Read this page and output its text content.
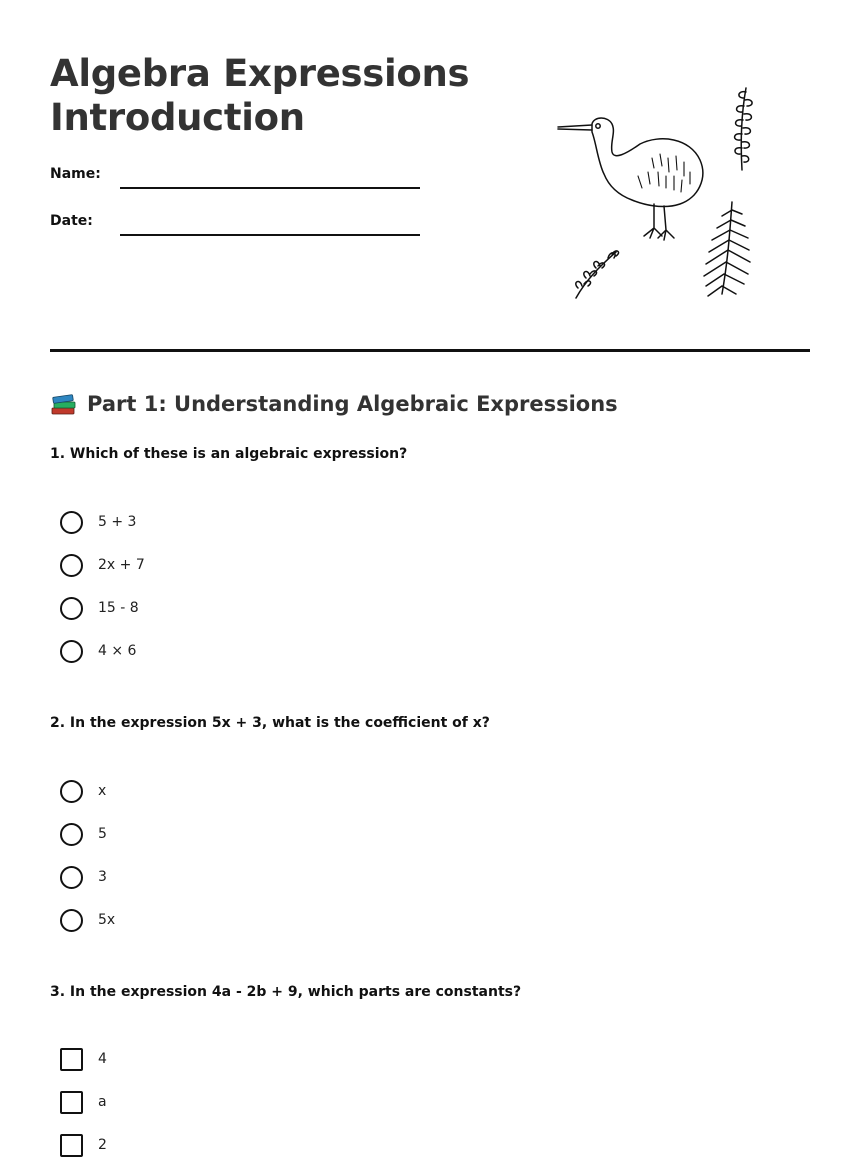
Algebra Expressions
Introduction
Name:
Date:
Part 1: Understanding Algebraic Expressions

1. Which of these is an algebraic expression?

5 + 3
2x + 7
15 - 8
4 × 6

2. In the expression 5x + 3, what is the coefficient of x?

x
5
3
5x

3. In the expression 4a - 2b + 9, which parts are constants?

4
a
2
